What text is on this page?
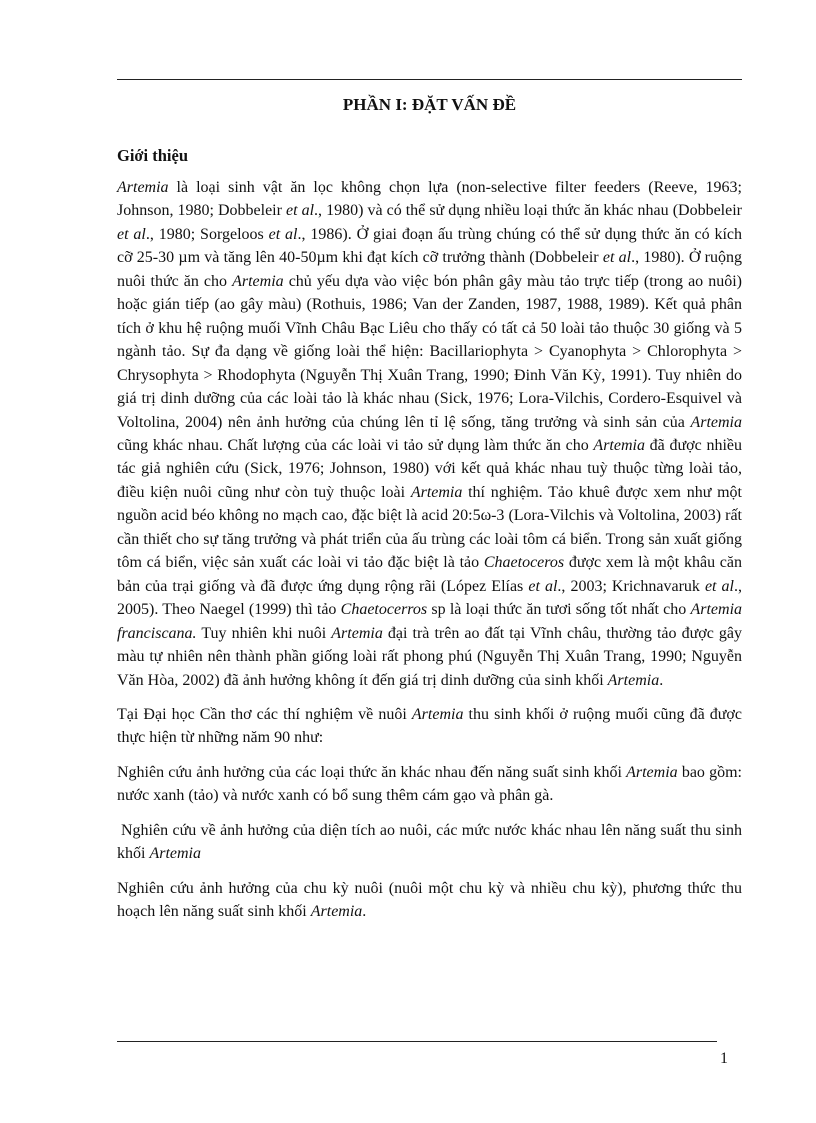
PHẦN I: ĐẶT VẤN ĐỀ
Giới thiệu

Artemia là loại sinh vật ăn lọc không chọn lựa (non-selective filter feeders (Reeve, 1963; Johnson, 1980; Dobbeleir et al., 1980) và có thể sử dụng nhiều loại thức ăn khác nhau (Dobbeleir et al., 1980; Sorgeloos et al., 1986). Ở giai đoạn ấu trùng chúng có thể sử dụng thức ăn có kích cỡ 25-30 µm và tăng lên 40-50µm khi đạt kích cỡ trưởng thành (Dobbeleir et al., 1980). Ở ruộng nuôi thức ăn cho Artemia chủ yếu dựa vào việc bón phân gây màu tảo trực tiếp (trong ao nuôi) hoặc gián tiếp (ao gây màu) (Rothuis, 1986; Van der Zanden, 1987, 1988, 1989). Kết quả phân tích ở khu hệ ruộng muối Vĩnh Châu Bạc Liêu cho thấy có tất cả 50 loài tảo thuộc 30 giống và 5 ngành tảo. Sự đa dạng về giống loài thể hiện: Bacillariophyta > Cyanophyta > Chlorophyta > Chrysophyta > Rhodophyta (Nguyễn Thị Xuân Trang, 1990; Đinh Văn Kỳ, 1991). Tuy nhiên do giá trị dinh dưỡng của các loài tảo là khác nhau (Sick, 1976; Lora-Vilchis, Cordero-Esquivel và Voltolina, 2004) nên ảnh hưởng của chúng lên tỉ lệ sống, tăng trưởng và sinh sản của Artemia cũng khác nhau. Chất lượng của các loài vi tảo sử dụng làm thức ăn cho Artemia đã được nhiều tác giả nghiên cứu (Sick, 1976; Johnson, 1980) với kết quả khác nhau tuỳ thuộc từng loài tảo, điều kiện nuôi cũng như còn tuỳ thuộc loài Artemia thí nghiệm. Tảo khuê được xem như một nguồn acid béo không no mạch cao, đặc biệt là acid 20:5ω-3 (Lora-Vilchis và Voltolina, 2003) rất cần thiết cho sự tăng trưởng và phát triển của ấu trùng các loài tôm cá biển. Trong sản xuất giống tôm cá biển, việc sản xuất các loài vi tảo đặc biệt là tảo Chaetoceros được xem là một khâu căn bản của trại giống và đã được ứng dụng rộng rãi (López Elías et al., 2003; Krichnavaruk et al., 2005). Theo Naegel (1999) thì tảo Chaetocerros sp là loại thức ăn tươi sống tốt nhất cho Artemia franciscana. Tuy nhiên khi nuôi Artemia đại trà trên ao đất tại Vĩnh châu, thường tảo được gây màu tự nhiên nên thành phần giống loài rất phong phú (Nguyễn Thị Xuân Trang, 1990; Nguyễn Văn Hòa, 2002) đã ảnh hưởng không ít đến giá trị dinh dưỡng của sinh khối Artemia.

Tại Đại học Cần thơ các thí nghiệm về nuôi Artemia thu sinh khối ở ruộng muối cũng đã được thực hiện từ những năm 90 như:

Nghiên cứu ảnh hưởng của các loại thức ăn khác nhau đến năng suất sinh khối Artemia bao gồm: nước xanh (tảo) và nước xanh có bổ sung thêm cám gạo và phân gà.

Nghiên cứu về ảnh hưởng của diện tích ao nuôi, các mức nước khác nhau lên năng suất thu sinh khối Artemia

Nghiên cứu ảnh hưởng của chu kỳ nuôi (nuôi một chu kỳ và nhiều chu kỳ), phương thức thu hoạch lên năng suất sinh khối Artemia.

1
